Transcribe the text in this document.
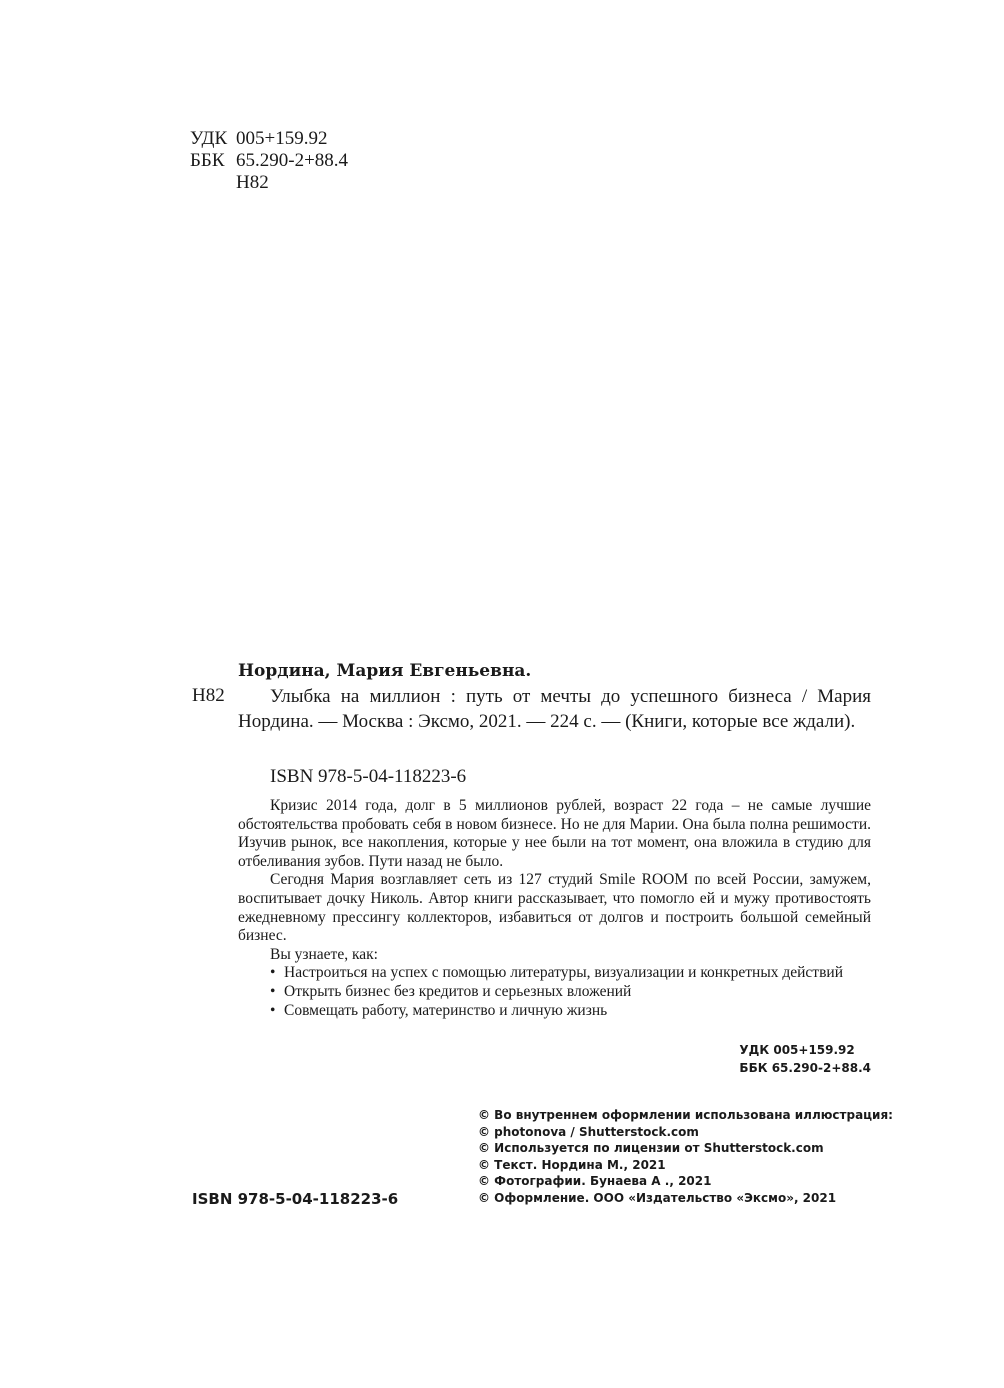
УДК 005+159.92
ББК 65.290-2+88.4
Н82
Нордина, Мария Евгеньевна.
Н82	Улыбка на миллион : путь от мечты до успешного бизнеса / Мария Нордина. — Москва : Эксмо, 2021. — 224 с. — (Книги, которые все ждали).
ISBN 978-5-04-118223-6

Кризис 2014 года, долг в 5 миллионов рублей, возраст 22 года – не самые лучшие обстоятельства пробовать себя в новом бизнесе. Но не для Марии. Она была полна решимости. Изучив рынок, все накопления, которые у нее были на тот момент, она вложила в студию для отбеливания зубов. Пути назад не было.

Сегодня Мария возглавляет сеть из 127 студий Smile ROOM по всей России, замужем, воспитывает дочку Николь. Автор книги рассказывает, что помогло ей и мужу противостоять ежедневному прессингу коллекторов, избавиться от долгов и построить большой семейный бизнес.

Вы узнаете, как:

• Настроиться на успех с помощью литературы, визуализации и конкретных действий
• Открыть бизнес без кредитов и серьезных вложений
• Совмещать работу, материнство и личную жизнь
УДК 005+159.92
ББК 65.290-2+88.4
© Во внутреннем оформлении использована иллюстрация:
© photonova / Shutterstock.com
© Используется по лицензии от Shutterstock.com
© Текст. Нордина М., 2021
© Фотографии. Бунаева А ., 2021
© Оформление. ООО «Издательство «Эксмо», 2021
ISBN 978-5-04-118223-6
